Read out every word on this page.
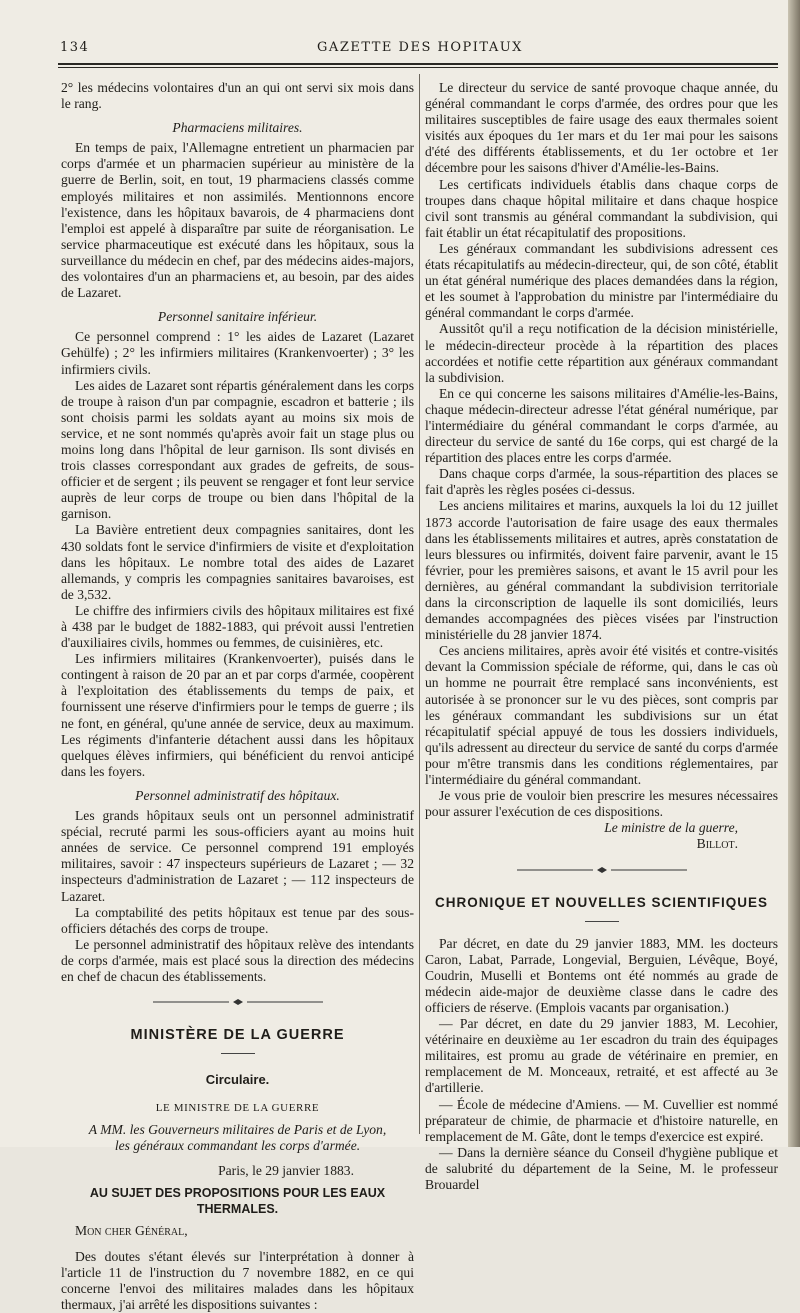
134	GAZETTE DES HOPITAUX

2° les médecins volontaires d'un an qui ont servi six mois dans le rang.

Pharmaciens militaires.

En temps de paix, l'Allemagne entretient un pharmacien par corps d'armée et un pharmacien supérieur au ministère de la guerre de Berlin, soit, en tout, 19 pharmaciens classés comme employés militaires et non assimilés. Mentionnons encore l'existence, dans les hôpitaux bavarois, de 4 pharmaciens dont l'emploi est appelé à disparaître par suite de réorganisation. Le service pharmaceutique est exécuté dans les hôpitaux, sous la surveillance du médecin en chef, par des médecins aides-majors, des volontaires d'un an pharmaciens et, au besoin, par des aides de Lazaret.

Personnel sanitaire inférieur.

Ce personnel comprend : 1° les aides de Lazaret (Lazaret Gehülfe) ; 2° les infirmiers militaires (Krankenvoerter) ; 3° les infirmiers civils.

Les aides de Lazaret sont répartis généralement dans les corps de troupe à raison d'un par compagnie, escadron et batterie ; ils sont choisis parmi les soldats ayant au moins six mois de service, et ne sont nommés qu'après avoir fait un stage plus ou moins long dans l'hôpital de leur garnison. Ils sont divisés en trois classes correspondant aux grades de gefreits, de sous-officier et de sergent ; ils peuvent se rengager et font leur service auprès de leur corps de troupe ou bien dans l'hôpital de la garnison.

La Bavière entretient deux compagnies sanitaires, dont les 430 soldats font le service d'infirmiers de visite et d'exploitation dans les hôpitaux. Le nombre total des aides de Lazaret allemands, y compris les compagnies sanitaires bavaroises, est de 3,532.

Le chiffre des infirmiers civils des hôpitaux militaires est fixé à 438 par le budget de 1882-1883, qui prévoit aussi l'entretien d'auxiliaires civils, hommes ou femmes, de cuisinières, etc.

Les infirmiers militaires (Krankenvoerter), puisés dans le contingent à raison de 20 par an et par corps d'armée, coopèrent à l'exploitation des établissements du temps de paix, et fournissent une réserve d'infirmiers pour le temps de guerre ; ils ne font, en général, qu'une année de service, deux au maximum. Les régiments d'infanterie détachent aussi dans les hôpitaux quelques élèves infirmiers, qui bénéficient du renvoi anticipé dans les foyers.

Personnel administratif des hôpitaux.

Les grands hôpitaux seuls ont un personnel administratif spécial, recruté parmi les sous-officiers ayant au moins huit années de service. Ce personnel comprend 191 employés militaires, savoir : 47 inspecteurs supérieurs de Lazaret ; — 32 inspecteurs d'administration de Lazaret ; — 112 inspecteurs de Lazaret.

La comptabilité des petits hôpitaux est tenue par des sous-officiers détachés des corps de troupe.

Le personnel administratif des hôpitaux relève des intendants de corps d'armée, mais est placé sous la direction des médecins en chef de chacun des établissements.

MINISTÈRE DE LA GUERRE

Circulaire.

LE MINISTRE DE LA GUERRE

A MM. les Gouverneurs militaires de Paris et de Lyon,

les généraux commandant les corps d'armée.

Paris, le 29 janvier 1883.

AU SUJET DES PROPOSITIONS POUR LES EAUX THERMALES.

Mon cher Général,

Des doutes s'étant élevés sur l'interprétation à donner à l'article 11 de l'instruction du 7 novembre 1882, en ce qui concerne l'envoi des militaires malades dans les hôpitaux thermaux, j'ai arrêté les dispositions suivantes :

Le directeur du service de santé provoque chaque année, du général commandant le corps d'armée, des ordres pour que les militaires susceptibles de faire usage des eaux thermales soient visités aux époques du 1er mars et du 1er mai pour les saisons d'été des différents établissements, et du 1er octobre et 1er décembre pour les saisons d'hiver d'Amélie-les-Bains.

Les certificats individuels établis dans chaque corps de troupes dans chaque hôpital militaire et dans chaque hospice civil sont transmis au général commandant la subdivision, qui fait établir un état récapitulatif des propositions.

Les généraux commandant les subdivisions adressent ces états récapitulatifs au médecin-directeur, qui, de son côté, établit un état général numérique des places demandées dans la région, et les soumet à l'approbation du ministre par l'intermédiaire du général commandant le corps d'armée.

Aussitôt qu'il a reçu notification de la décision ministérielle, le médecin-directeur procède à la répartition des places accordées et notifie cette répartition aux généraux commandant la subdivision.

En ce qui concerne les saisons militaires d'Amélie-les-Bains, chaque médecin-directeur adresse l'état général numérique, par l'intermédiaire du général commandant le corps d'armée, au directeur du service de santé du 16e corps, qui est chargé de la répartition des places entre les corps d'armée.

Dans chaque corps d'armée, la sous-répartition des places se fait d'après les règles posées ci-dessus.

Les anciens militaires et marins, auxquels la loi du 12 juillet 1873 accorde l'autorisation de faire usage des eaux thermales dans les établissements militaires et autres, après constatation de leurs blessures ou infirmités, doivent faire parvenir, avant le 15 février, pour les premières saisons, et avant le 15 avril pour les dernières, au général commandant la subdivision territoriale dans la circonscription de laquelle ils sont domiciliés, leurs demandes accompagnées des pièces visées par l'instruction ministérielle du 28 janvier 1874.

Ces anciens militaires, après avoir été visités et contre-visités devant la Commission spéciale de réforme, qui, dans le cas où un homme ne pourrait être remplacé sans inconvénients, est autorisée à se prononcer sur le vu des pièces, sont compris par les généraux commandant les subdivisions sur un état récapitulatif spécial appuyé de tous les dossiers individuels, qu'ils adressent au directeur du service de santé du corps d'armée pour m'être transmis dans les conditions réglementaires, par l'intermédiaire du général commandant.

Je vous prie de vouloir bien prescrire les mesures nécessaires pour assurer l'exécution de ces dispositions.

Le ministre de la guerre,

Billot.

CHRONIQUE ET NOUVELLES SCIENTIFIQUES

Par décret, en date du 29 janvier 1883, MM. les docteurs Caron, Labat, Parrade, Longevial, Berguien, Lévêque, Boyé, Coudrin, Muselli et Bontems ont été nommés au grade de médecin aide-major de deuxième classe dans le cadre des officiers de réserve. (Emplois vacants par organisation.)

— Par décret, en date du 29 janvier 1883, M. Lecohier, vétérinaire en deuxième au 1er escadron du train des équipages militaires, est promu au grade de vétérinaire en premier, en remplacement de M. Monceaux, retraité, et est affecté au 3e d'artillerie.

— École de médecine d'Amiens. — M. Cuvellier est nommé préparateur de chimie, de pharmacie et d'histoire naturelle, en remplacement de M. Gâte, dont le temps d'exercice est expiré.

— Dans la dernière séance du Conseil d'hygiène publique et de salubrité du département de la Seine, M. le professeur Brouardel
